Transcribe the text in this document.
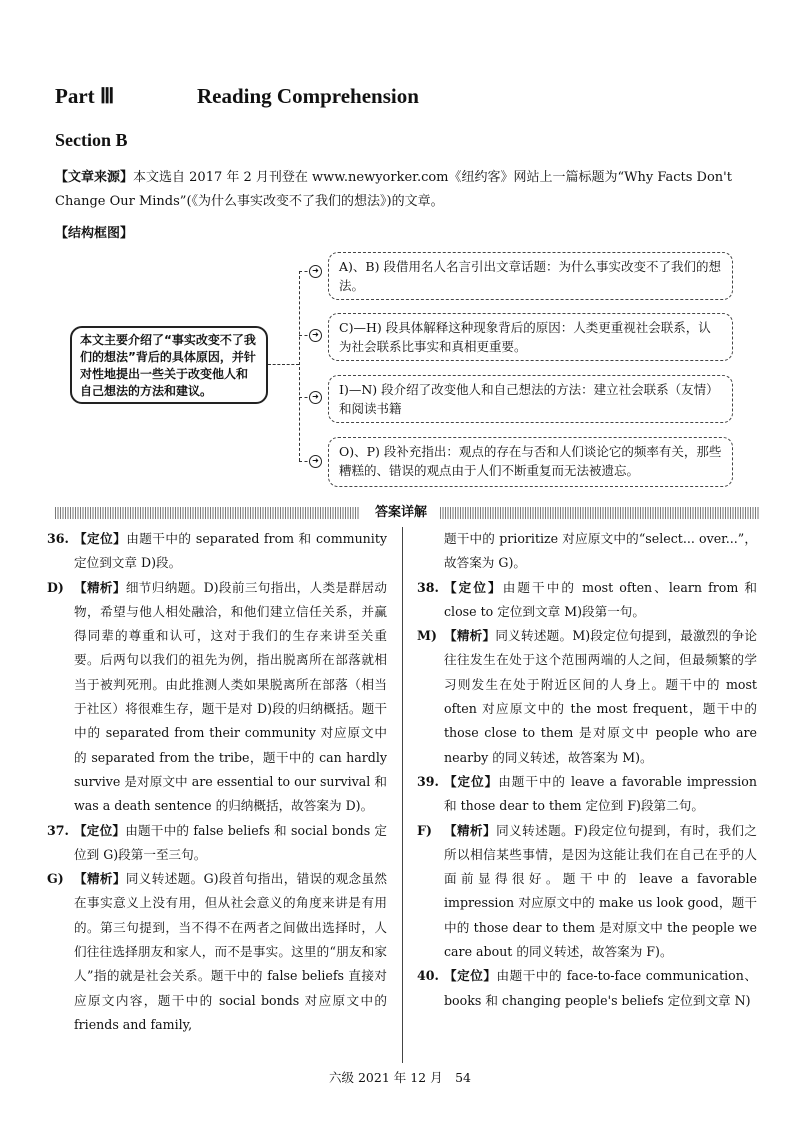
Part Ⅲ	Reading Comprehension
Section B
【文章来源】本文选自 2017 年 2 月刊登在 www.newyorker.com《纽约客》网站上一篇标题为“Why Facts Don't Change Our Minds”(《为什么事实改变不了我们的想法》)的文章。
【结构框图】
本文主要介绍了“事实改变不了我们的想法”背后的具体原因，并针对性地提出一些关于改变他人和自己想法的方法和建议。
➜	A)、B) 段借用名人名言引出文章话题：为什么事实改变不了我们的想法。
➜	C)—H) 段具体解释这种现象背后的原因：人类更重视社会联系，认为社会联系比事实和真相更重要。
➜	I)—N) 段介绍了改变他人和自己想法的方法：建立社会联系（友情）和阅读书籍
➜
O)、P) 段补充指出：观点的存在与否和人们谈论它的频率有关，那些糟糕的、错误的观点由于人们不断重复而无法被遗忘。
答案详解
36. 【定位】由题干中的 separated from 和 community 定位到文章 D)段。
D) 【精析】细节归纳题。D)段前三句指出，人类是群居动物，希望与他人相处融洽，和他们建立信任关系，并赢得同辈的尊重和认可，这对于我们的生存来讲至关重要。后两句以我们的祖先为例，指出脱离所在部落就相当于被判死刑。由此推测人类如果脱离所在部落（相当于社区）将很难生存，题干是对 D)段的归纳概括。题干中的 separated from their community 对应原文中的 separated from the tribe，题干中的 can hardly survive 是对原文中 are essential to our survival 和 was a death sentence 的归纳概括，故答案为 D)。
37. 【定位】由题干中的 false beliefs 和 social bonds 定位到 G)段第一至三句。
G) 【精析】同义转述题。G)段首句指出，错误的观念虽然在事实意义上没有用，但从社会意义的角度来讲是有用的。第三句提到，当不得不在两者之间做出选择时，人们往往选择朋友和家人，而不是事实。这里的“朋友和家人”指的就是社会关系。题干中的 false beliefs 直接对应原文内容，题干中的 social bonds 对应原文中的 friends and family,
题干中的 prioritize 对应原文中的“select... over...”，故答案为 G)。
38. 【定位】由题干中的 most often、learn from 和 close to 定位到文章 M)段第一句。
M) 【精析】同义转述题。M)段定位句提到，最激烈的争论往往发生在处于这个范围两端的人之间，但最频繁的学习则发生在处于附近区间的人身上。题干中的 most often 对应原文中的 the most frequent，题干中的 those close to them 是对原文中 people who are nearby 的同义转述，故答案为 M)。
39. 【定位】由题干中的 leave a favorable impression 和 those dear to them 定位到 F)段第二句。
F) 【精析】同义转述题。F)段定位句提到，有时，我们之所以相信某些事情，是因为这能让我们在自己在乎的人面前显得很好。题干中的 leave a favorable impression 对应原文中的 make us look good，题干中的 those dear to them 是对原文中 the people we care about 的同义转述，故答案为 F)。
40. 【定位】由题干中的 face-to-face communication、books 和 changing people's beliefs 定位到文章 N)
六级 2021 年 12 月　54
